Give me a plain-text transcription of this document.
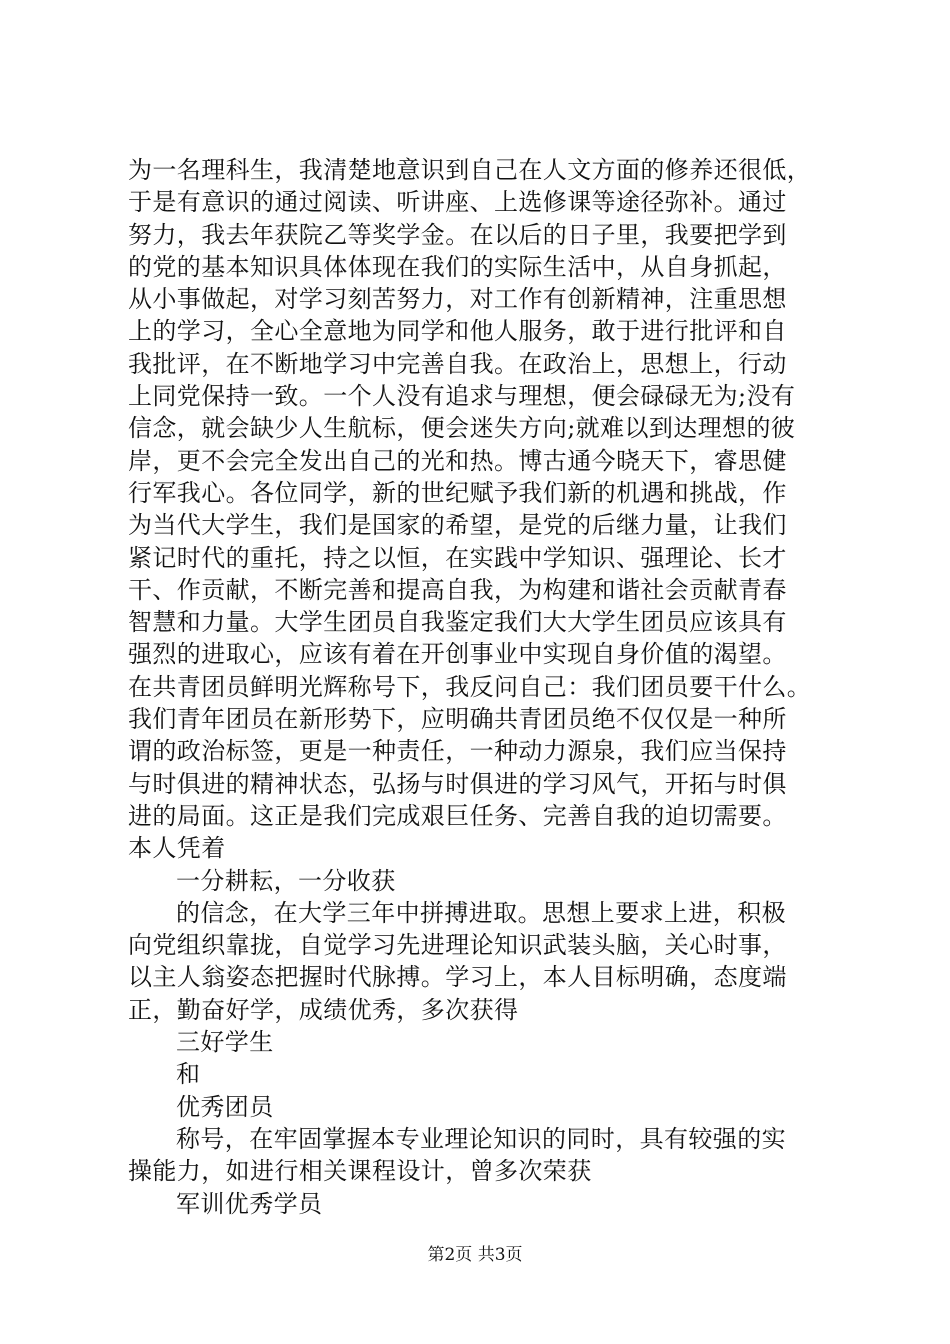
为一名理科生，我清楚地意识到自己在人文方面的修养还很低，
于是有意识的通过阅读、听讲座、上选修课等途径弥补。通过
努力，我去年获院乙等奖学金。在以后的日子里，我要把学到
的党的基本知识具体体现在我们的实际生活中，从自身抓起，
从小事做起，对学习刻苦努力，对工作有创新精神，注重思想
上的学习，全心全意地为同学和他人服务，敢于进行批评和自
我批评，在不断地学习中完善自我。在政治上，思想上，行动
上同党保持一致。一个人没有追求与理想，便会碌碌无为;没有
信念，就会缺少人生航标，便会迷失方向;就难以到达理想的彼
岸，更不会完全发出自己的光和热。博古通今晓天下，睿思健
行军我心。各位同学，新的世纪赋予我们新的机遇和挑战，作
为当代大学生，我们是国家的希望，是党的后继力量，让我们
紧记时代的重托，持之以恒，在实践中学知识、强理论、长才
干、作贡献，不断完善和提高自我，为构建和谐社会贡献青春
智慧和力量。大学生团员自我鉴定我们大大学生团员应该具有
强烈的进取心，应该有着在开创事业中实现自身价值的渴望。
在共青团员鲜明光辉称号下，我反问自己：我们团员要干什么。
我们青年团员在新形势下，应明确共青团员绝不仅仅是一种所
谓的政治标签，更是一种责任，一种动力源泉，我们应当保持
与时俱进的精神状态，弘扬与时俱进的学习风气，开拓与时俱
进的局面。这正是我们完成艰巨任务、完善自我的迫切需要。
本人凭着
一分耕耘，一分收获
的信念，在大学三年中拼搏进取。思想上要求上进，积极
向党组织靠拢，自觉学习先进理论知识武装头脑，关心时事，
以主人翁姿态把握时代脉搏。学习上，本人目标明确，态度端
正，勤奋好学，成绩优秀，多次获得
三好学生
和
优秀团员
称号，在牢固掌握本专业理论知识的同时，具有较强的实
操能力，如进行相关课程设计，曾多次荣获
军训优秀学员
第2页 共3页
